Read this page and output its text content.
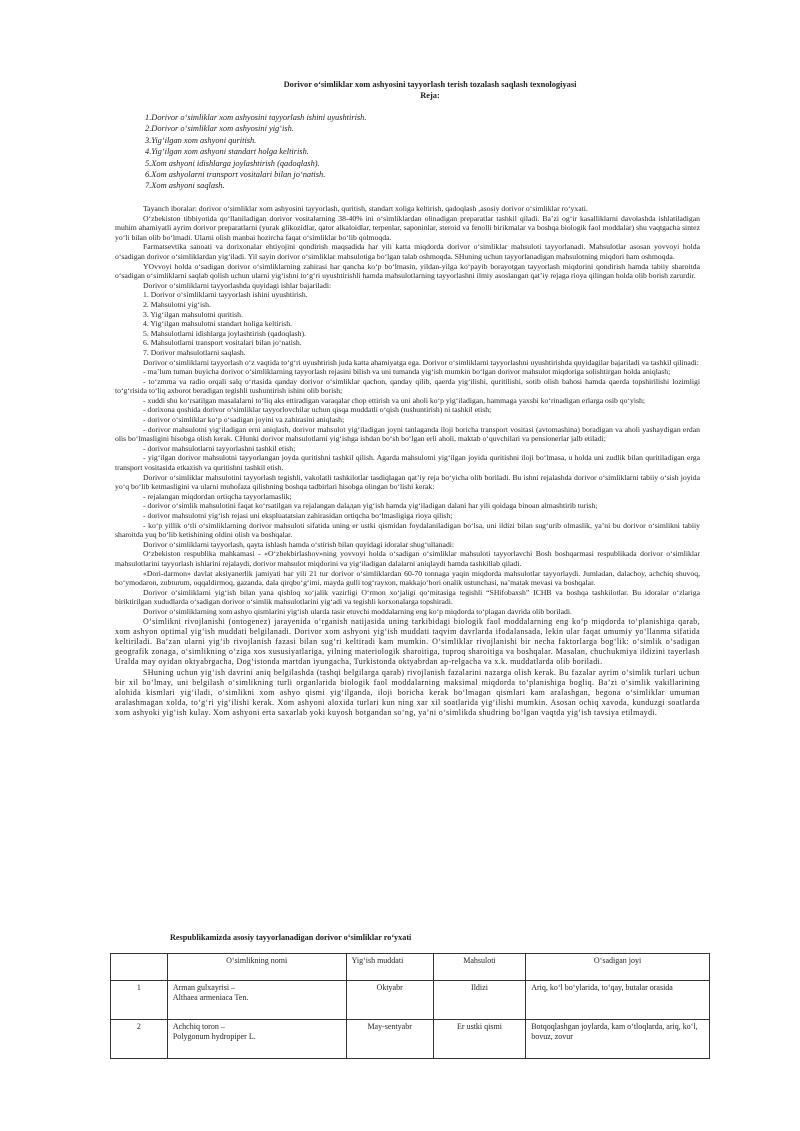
Dorivor o‘simliklar xom ashyosini tayyorlash terish tozalash saqlash texnologiyasi
Reja:
1.Dorivor o‘simliklar xom ashyosini tayyorlash ishini uyushtirish.
2.Dorivor o‘simliklar xom ashyosini yig‘ish.
3.Yig‘ilgan xom ashyoni quritish.
4.Yig‘ilgan xom ashyoni standart holga keltirish.
5.Xom ashyoni idishlarga joylashtirish (qadoqlash).
6.Xom ashyolarni transport vositalari bilan jo‘natish.
7.Xom ashyoni saqlash.

Tayanch iboralar: dorivor o‘simliklar xom ashyosini tayyorlash, quritish, standart xoliga keltirish, qadoqlash ,asosiy dorivor o‘simliklar ro‘yxati.

O‘zbekiston tibbiyotida qo‘llaniladigan dorivor vositalarning 38-40% ini o‘simliklardan olinadigan preparatlar tashkil qiladi. Ba’zi og‘ir kasalliklarni davolashda ishlatiladigan muhim ahamiyatli ayrim dorivor preparatlarni (yurak glikozidlar, qator alkaloidlar, terpenlar, saponinlar, steroid va fenolli birikmalar va boshqa biologik faol moddalar) shu vaqtgacha sintez yo‘li bilan olib bo‘lmadi. Ularni olish manbai hozircha faqat o‘simliklar bo‘lib qolmoqda.

Farmatsevtika sanoati va dorixonalar ehtiyojini qondirish maqsadida har yili katta miqdorda dorivor o‘simliklar mahsuloti tayyorlanadi. Mahsulotlar asosan yovvoyi holda o‘sadigan dorivor o‘simliklardan yig‘iladi. Yil sayin dorivor o‘simliklar mahsulotiga bo‘lgan talab oshmoqda. SHuning uchun tayyorlanadigan mahsulotning miqdori ham oshmoqda.

YOvvoyi holda o‘sadigan dorivor o‘simliklarning zahirasi har qancha ko‘p bo‘lmasin, yildan-yilga ko‘payib borayotgan tayyorlash miqdorini qondirish hamda tabiiy sharoitda o‘sadigan o‘simliklarni saqlab qolish uchun ularni yig‘ishni to‘g‘ri uyushtirishli hamda mahsulotlarning tayyorlashni ilmiy asoslangan qat’iy rejaga rioya qilingan holda olib borish zarurdir.

Dorivor o‘simliklarni tayyorlashda quyidagi ishlar bajariladi:

1. Dorivor o‘simliklarni tayyorlash ishini uyushtirish.

2. Mahsulotni yig‘ish.

3. Yig‘ilgan mahsulotni quritish.

4. Yig‘ilgan mahsulotni standart holiga keltirish.

5. Mahsulotlarni idishlarga joylashtirish (qadoqlash).

6. Mahsulotlarni transport vositalari bilan jo‘natish.

7. Dorivor mahsulotlarni saqlash.

Dorivor o‘simliklarni tayyorlash o‘z vaqtida to‘g‘ri uyushtirish juda katta ahamiyatga ega. Dorivor o‘simliklarni tayyorlashni uyushtirishda quyidagilar bajariladi va tashkil qilinadi:

- ma’lum tuman buyicha dorivor o‘simliklarning tayyorlash rejasini bilish va uni tumanda yig‘ish mumkin bo‘lgan dorivor mahsulot miqdoriga solishtirgan holda aniqlash;

- to‘zmma va radio orqali salq o‘rtasida qanday dorivor o‘simliklar qachon, qanday qilib, qaerda yig‘ilishi, quritilishi, sotib olish bahosi hamda qaerda topshirilishi lozimligi to‘g‘risida to‘liq axborot beradigan tegishli tushuntirish ishini olib borish;

- xuddi shu ko‘rsatilgan masalalarni to‘liq aks ettiradigan varaqalar chop ettirish va uni aholi ko‘p yig‘iladigan, hammaga yaxshi ko‘rinadigan erlarga osib qo‘yish;

- dorixona qoshida dorivor o‘simliklar tayyorlovchilar uchun qisqa muddatli o‘qish (tushuntirish) ni tashkil etish;

- dorivor o‘simliklar ko‘p o‘sadigan joyini va zahirasini aniqlash;

- dorivor mahsulotni yig‘iladigan erni aniqlash, dorivor mahsulot yig‘iladigan joyni tanlaganda iloji boricha transport vositasi (avtomashina) boradigan va aholi yashaydigan erdan olis bo‘lmasligini hisobga olish kerak. CHunki dorivor mahsulotlarni yig‘ishga ishdan bo‘sh bo‘lgan erli aholi, maktab o‘quvchilari va pensionerlar jalb etiladi;

- dorivor mahsulotlarni tayyorlashni tashkil etish;

- yig‘ilgan dorivor mahsulotni tayyorlangan joyda quritishni tashkil qilish. Agarda mahsulotni yig‘ilgan joyida quritishni iloji bo‘lmasa, u holda uni zudlik bilan quritiladigan erga transport vositasida etkazish va quritishni tashkil etish.

Dorivor o‘simliklar mahsulotini tayyorlash tegishli, vakolatli tashkilotlar tasdiqlagan qat’iy reja bo‘yicha olib boriladi. Bu ishni rejalashda dorivor o‘simliklarni tabiiy o‘sish joyida yo‘q bo‘lib ketmasligini va ularni muhofaza qilishning boshqa tadbirlari hisobga olingan bo‘lishi kerak:

- rejalangan miqdordan ortiqcha tayyorlamaslik;

- dorivor o‘simlik mahsulotini faqat ko‘rsatilgan va rejalangan dalадan yig‘ish hamda yig‘iladigan dalani har yili qoidaga binoan almashtirib turish;

- dorivor mahsulotni yig‘ish rejasi uni ekspluatatsian zahirasidan ortiqcha bo‘lmasligiga rioya qilish;

- ko‘p yillik o‘tli o‘simliklarning dorivor mahsuloti sifatida uning er ustki qismidan foydalaniladigan bo‘lsa, uni ildizi bilan sug‘urib olmaslik, ya’ni bu dorivor o‘simlikni tabiiy sharoitda yuq bo‘lib ketishining oldini olish va boshqalar.

Dorivor o‘simliklarni tayyorlash, qayta ishlash hamda o‘stirish bilan quyidagi idoralar shug‘ullanadi:

O‘zbekiston respublika mahkamasi - «O‘zbekbirlashov»ning yovvoyi holda o‘sadigan o‘simliklar mahsuloti tayyorlavchi Bosh boshqarmasi respublikada dorivor o‘simliklar mahsulotlarini tayyorlash ishlarini rejalaydi, dorivor mahsulot miqdorini va yig‘iladigan dalalarni aniqlaydi hamda tashkillab qiladi.

«Dori-darmon» davlat aksiyanerlik jamiyati har yili 21 tur dorivor o‘simliklardan 60-70 tonnaga yaqin miqdorda mahsulotlar tayyorlaydi. Jumladan, dalachoy, achchiq shuvoq, bo‘ymodaron, zubturum, oqqaldirmoq, gazanda, dala qirqbo‘g‘imi, mayda gulli tog‘rayxon, makkajo‘hori onalik ustunchasi, na’matak mevasi va boshqalar.

Dorivor o‘simliklarni yig‘ish bilan yana qishloq xo‘jalik vazirligi O‘rmon xo‘jaligi qo‘mitasiga tegishli “SHifobaxsh” ICHB va boshqa tashkilotlar. Bu idoralar o‘zlariga biriktirilgan xududlarda o‘sadigan dorivor o‘simlik mahsulotlarini yig‘adi va tegishli korxonalarga topshiradi.

Dorivor o‘simliklarning xom ashyo qismlarini yig‘ish ularda tasir etuvchi moddalarning eng ko‘p miqdorda to‘plagan davrida olib boriladi.

O‘simlikni rivojlanishi (ontogenez) jarayenida o‘rganish natijasida uning tarkibidagi biologik faol moddalarning eng ko‘p miqdorda to‘planishiga qarab, xom ashyon optimal yig‘ish muddati belgilanadi. Dorivor xom ashyoni yig‘ish muddati taqvim davrlarda ifodalansada, lekin ular faqat umumiy yo‘llanma sifatida keltiriladi. Ba’zan ularni yig‘ib rivojlanish fazasi bilan sug‘ri keltiradi kam mumkin. O‘simliklar rivojlanishi bir necha faktorlarga bog‘lik: o‘simlik o‘sadigan geografik zonaga, o‘simlikning o‘ziga xos xususiyatlariga, yilning materiologik sharoitiga, tuproq sharoitiga va boshqalar. Masalan, chuchukmiya ildizini tayerlash Uralda may oyidan oktyabrgacha, Dog‘istonda martdan iyungacha, Turkistonda oktyabrdan ap-relgacha va x.k. muddatlarda olib boriladi.

SHuning uchun yig‘ish davrini aniq belgilashda (tashqi belgilarga qarab) rivojlanish fazalarini nazarga olish kerak. Bu fazalar ayrim o‘simlik turlari uchun bir xil bo‘lmay, uni belgilash o‘simlikning turli organlarida biologik faol moddalarning maksimal miqdorda to‘planishiga bogliq. Ba’zi o‘simlik vakillarining alohida kismlari yig‘iladi, o‘simlikni xom ashyo qismi yig‘ilganda, iloji boricha kerak bo‘lmagan qismlari kam aralashgan, begona o‘simliklar umuman aralashmagan xolda, to‘g‘ri yig‘ilishi kerak. Xom ashyoni aloxida turlari kun ning xar xil soatlarida yig‘ilishi mumkin. Asosan ochiq xavoda, kunduzgi soatlarda xom ashyoki yig‘ish kulay. Xom ashyoni erta saxarlab yoki kuyosh botgandan so‘ng, ya’ni o‘simlikda shudring bo‘lgan vaqtda yig‘ish tavsiya etilmaydi.

Respublikamizda asosiy tayyorlanadigan dorivor o‘simliklar ro‘yxati
	O‘simlikning nomi	Yig‘ish muddati	Mahsuloti	O‘sadigan joyi
1	Arman gulxayrisi –
Althaea armeniaca Ten.	Oktyabr	Ildizi	Ariq, ko‘l bo‘ylarida, to‘qay, butalar orasida
2	Achchiq toron –
Polygonum hydropiper L.	May-sentyabr	Er ustki qismi	Botqoqlashgan joylarda, kam o‘tloqlarda, ariq, ko‘l, bovuz, zovur
